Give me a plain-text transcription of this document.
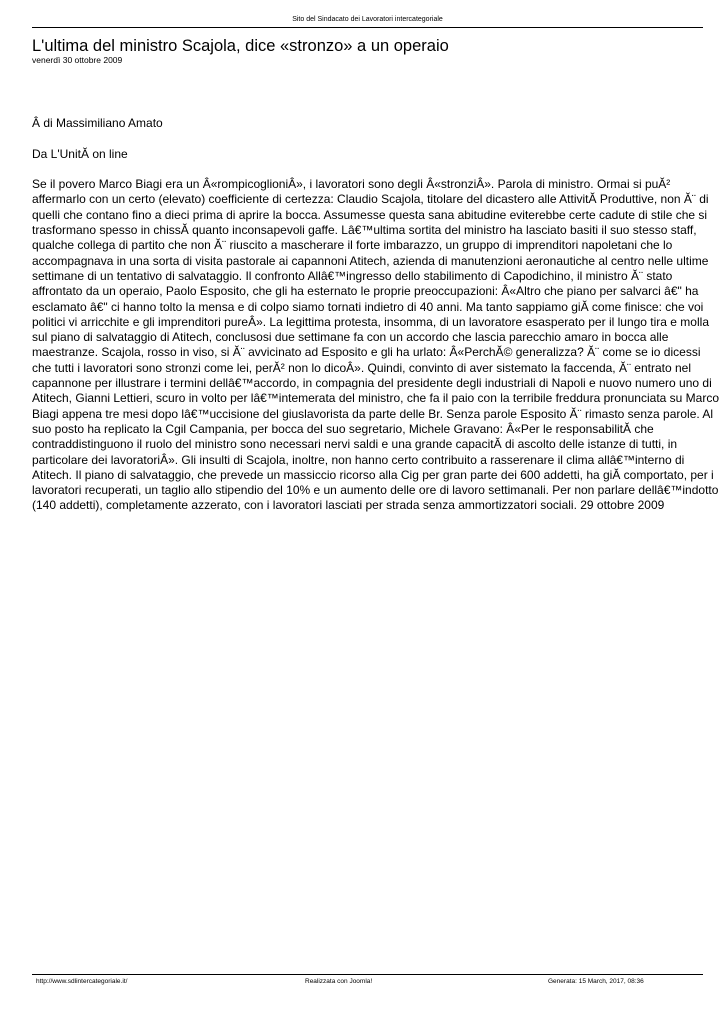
Sito del Sindacato dei Lavoratori intercategoriale
L'ultima del ministro Scajola, dice «stronzo» a un operaio
venerdì 30 ottobre 2009

Â di Massimiliano Amato

Da L'UnitĂ on line

Se il povero Marco Biagi era un Â«rompicoglioniÂ», i lavoratori sono degli Â«stronziÂ». Parola di ministro. Ormai si puĂ² affermarlo con un certo (elevato) coefficiente di certezza: Claudio Scajola, titolare del dicastero alle AttivitĂ Produttive, non Ă¨ di quelli che contano fino a dieci prima di aprire la bocca. Assumesse questa sana abitudine eviterebbe certe cadute di stile che si trasformano spesso in chissĂ quanto inconsapevoli gaffe. Lâ€™ultima sortita del ministro ha lasciato basiti il suo stesso staff, qualche collega di partito che non Ă¨ riuscito a mascherare il forte imbarazzo, un gruppo di imprenditori napoletani che lo accompagnava in una sorta di visita pastorale ai capannoni Atitech, azienda di manutenzioni aeronautiche al centro nelle ultime settimane di un tentativo di salvataggio. Il confronto Allâ€™ingresso dello stabilimento di Capodichino, il ministro Ă¨ stato affrontato da un operaio, Paolo Esposito, che gli ha esternato le proprie preoccupazioni: Â«Altro che piano per salvarci â€" ha esclamato â€" ci hanno tolto la mensa e di colpo siamo tornati indietro di 40 anni. Ma tanto sappiamo giĂ come finisce: che voi politici vi arricchite e gli imprenditori pureÂ». La legittima protesta, insomma, di un lavoratore esasperato per il lungo tira e molla sul piano di salvataggio di Atitech, conclusosi due settimane fa con un accordo che lascia parecchio amaro in bocca alle maestranze. Scajola, rosso in viso, si Ă¨ avvicinato ad Esposito e gli ha urlato: Â«PerchĂ© generalizza? Ă¨ come se io dicessi che tutti i lavoratori sono stronzi come lei, perĂ² non lo dicoÂ». Quindi, convinto di aver sistemato la faccenda, Ă¨ entrato nel capannone per illustrare i termini dellâ€™accordo, in compagnia del presidente degli industriali di Napoli e nuovo numero uno di Atitech, Gianni Lettieri, scuro in volto per lâ€™intemerata del ministro, che fa il paio con la terribile freddura pronunciata su Marco Biagi appena tre mesi dopo lâ€™uccisione del giuslavorista da parte delle Br. Senza parole Esposito Ă¨ rimasto senza parole. Al suo posto ha replicato la Cgil Campania, per bocca del suo segretario, Michele Gravano: Â«Per le responsabilitĂ che contraddistinguono il ruolo del ministro sono necessari nervi saldi e una grande capacitĂ di ascolto delle istanze di tutti, in particolare dei lavoratoriÂ». Gli insulti di Scajola, inoltre, non hanno certo contribuito a rasserenare il clima allâ€™interno di Atitech. Il piano di salvataggio, che prevede un massiccio ricorso alla Cig per gran parte dei 600 addetti, ha giĂ comportato, per i lavoratori recuperati, un taglio allo stipendio del 10% e un aumento delle ore di lavoro settimanali. Per non parlare dellâ€™indotto (140 addetti), completamente azzerato, con i lavoratori lasciati per strada senza ammortizzatori sociali. 29 ottobre 2009

http://www.sdlintercategoriale.it/	Realizzata con Joomla!	Generata: 15 March, 2017, 08:36
